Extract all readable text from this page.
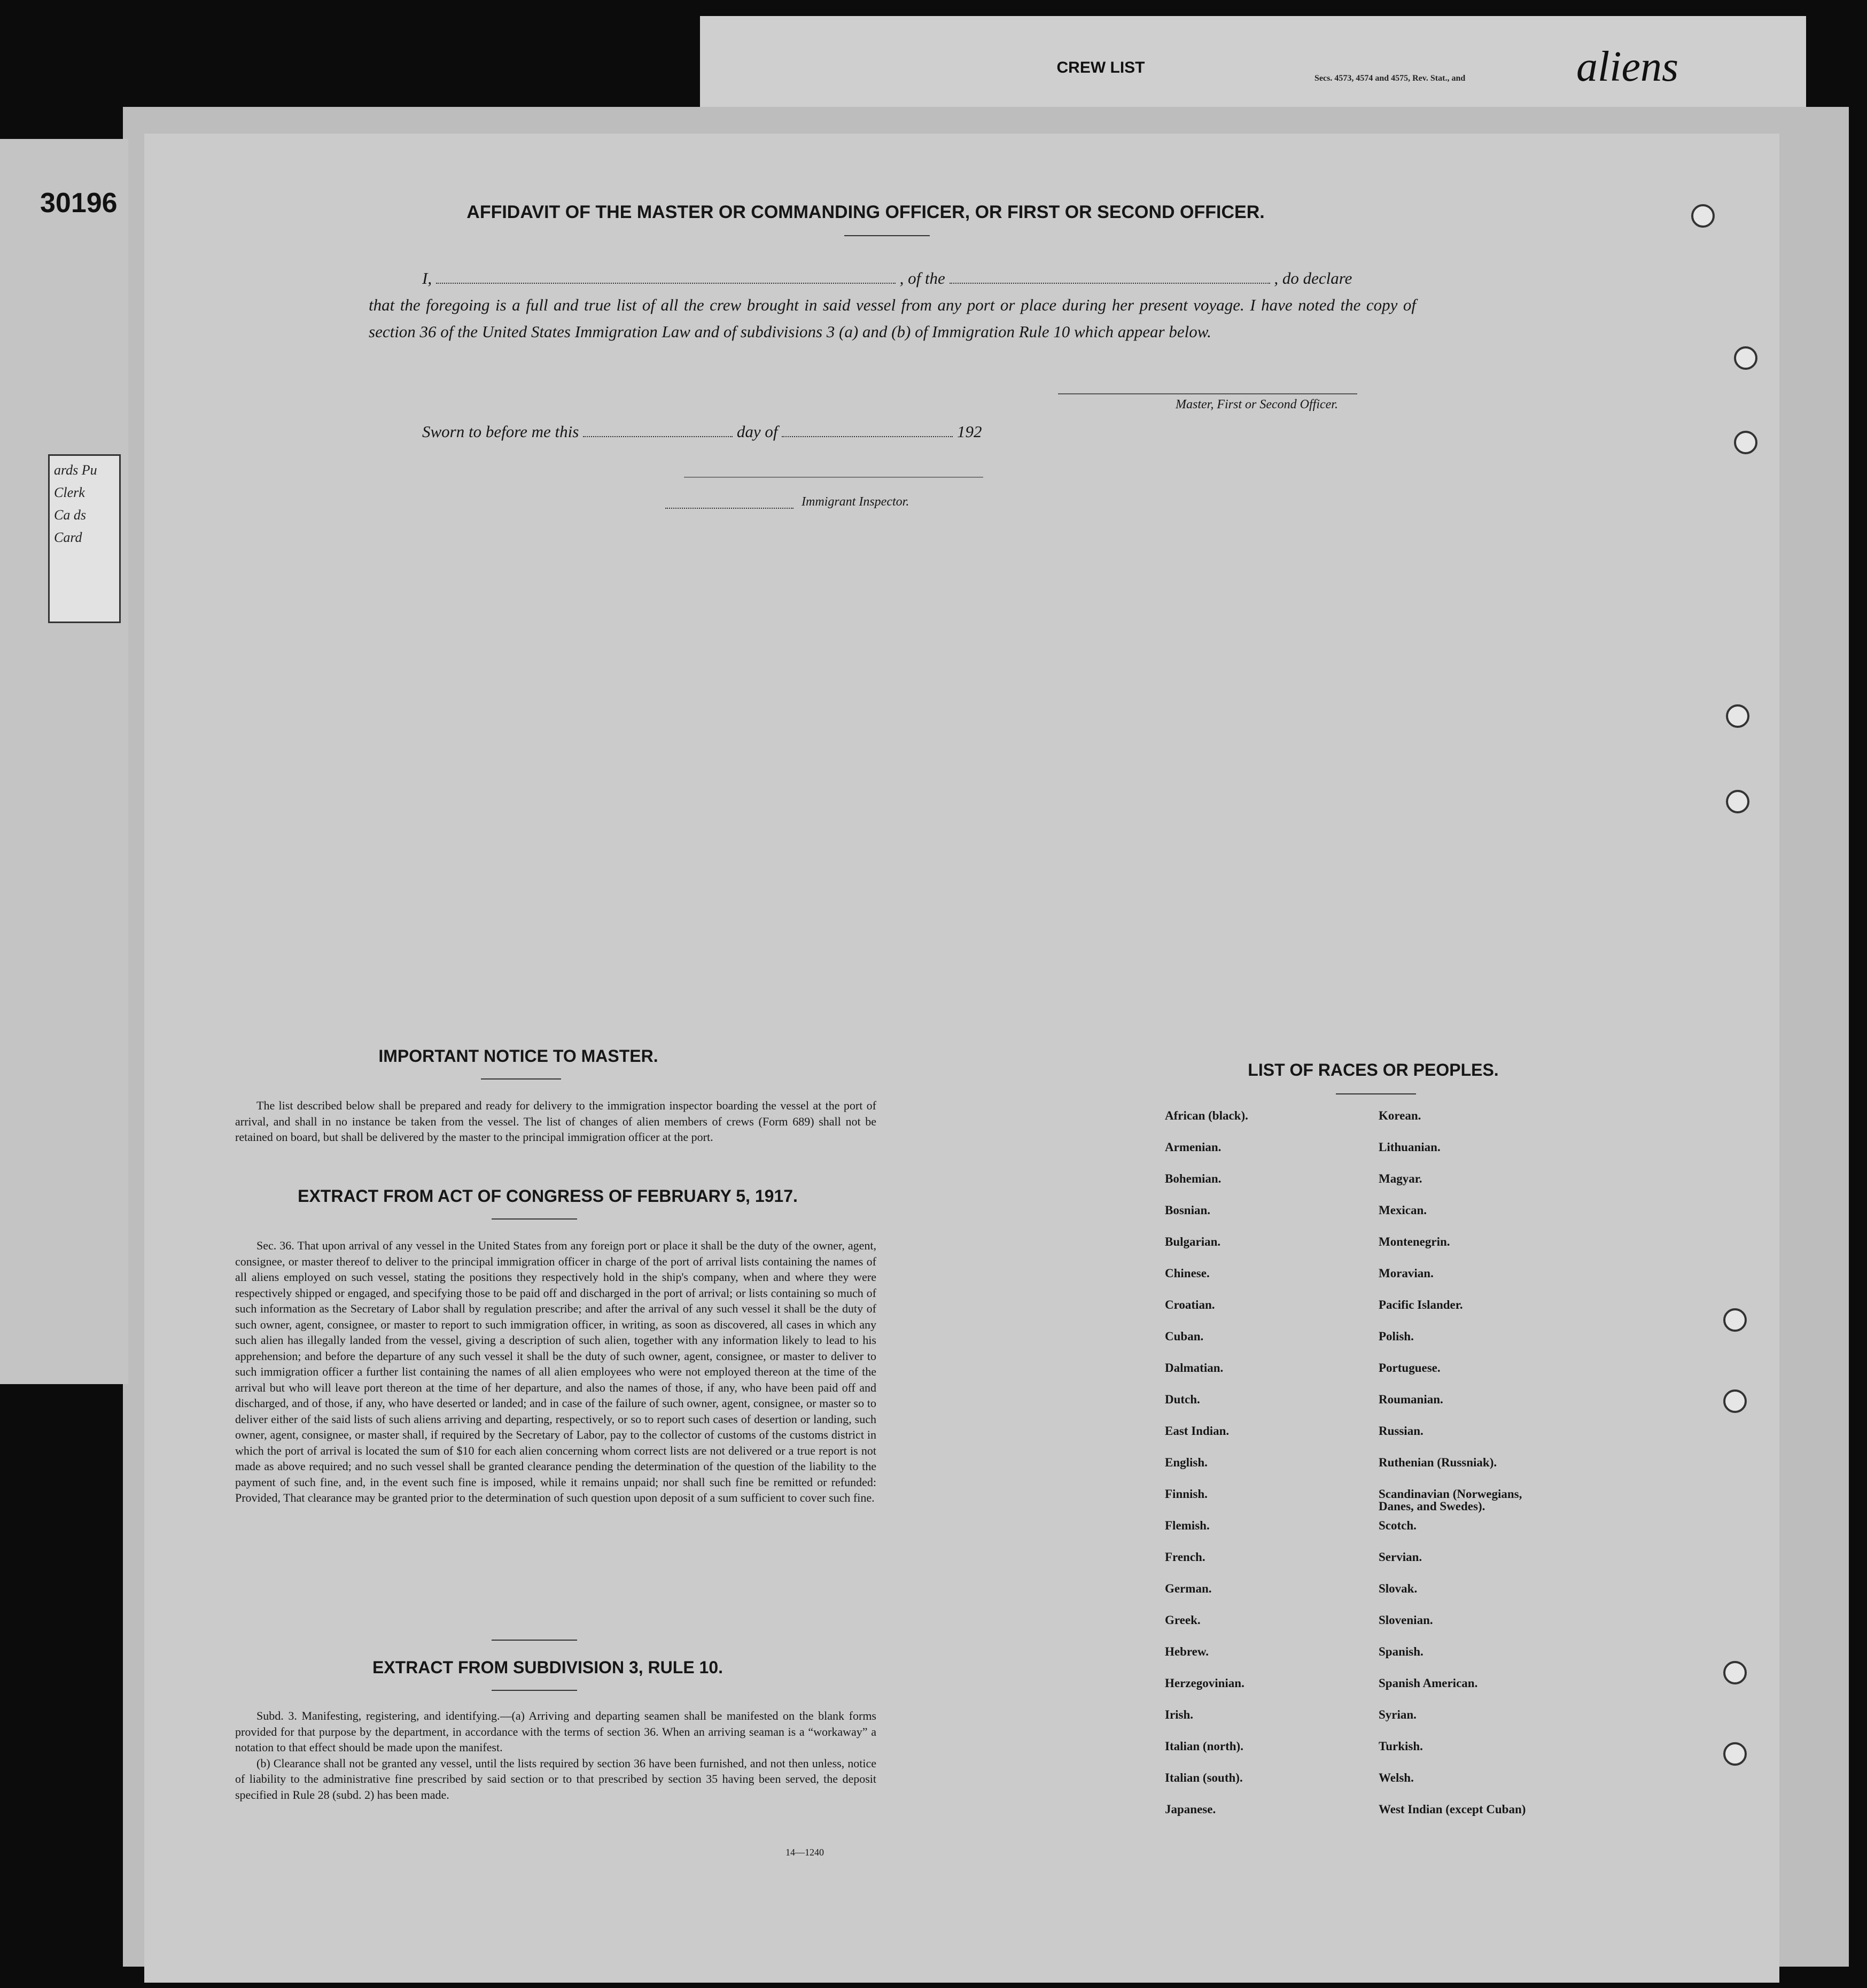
CREW LIST
Secs. 4573, 4574 and 4575, Rev. Stat., and	aliens
30196
ards Pu
Clerk
Ca ds
Card
AFFIDAVIT OF THE MASTER OR COMMANDING OFFICER, OR FIRST OR SECOND OFFICER.
I,	, of the	, do declare
that the foregoing is a full and true list of all the crew brought in said vessel from any port or place during her present voyage. I have noted the copy of section 36 of the United States Immigration Law and of subdivisions 3 (a) and (b) of Immigration Rule 10 which appear below.
Master, First or Second Officer.
Sworn to before me this	day of	192
Immigrant Inspector.
IMPORTANT NOTICE TO MASTER.

The list described below shall be prepared and ready for delivery to the immigration inspector boarding the vessel at the port of arrival, and shall in no instance be taken from the vessel. The list of changes of alien members of crews (Form 689) shall not be retained on board, but shall be delivered by the master to the principal immigration officer at the port.

EXTRACT FROM ACT OF CONGRESS OF FEBRUARY 5, 1917.

Sec. 36. That upon arrival of any vessel in the United States from any foreign port or place it shall be the duty of the owner, agent, consignee, or master thereof to deliver to the principal immigration officer in charge of the port of arrival lists containing the names of all aliens employed on such vessel, stating the positions they respectively hold in the ship's company, when and where they were respectively shipped or engaged, and specifying those to be paid off and discharged in the port of arrival; or lists containing so much of such information as the Secretary of Labor shall by regulation prescribe; and after the arrival of any such vessel it shall be the duty of such owner, agent, consignee, or master to report to such immigration officer, in writing, as soon as discovered, all cases in which any such alien has illegally landed from the vessel, giving a description of such alien, together with any information likely to lead to his apprehension; and before the departure of any such vessel it shall be the duty of such owner, agent, consignee, or master to deliver to such immigration officer a further list containing the names of all alien employees who were not employed thereon at the time of the arrival but who will leave port thereon at the time of her departure, and also the names of those, if any, who have been paid off and discharged, and of those, if any, who have deserted or landed; and in case of the failure of such owner, agent, consignee, or master so to deliver either of the said lists of such aliens arriving and departing, respectively, or so to report such cases of desertion or landing, such owner, agent, consignee, or master shall, if required by the Secretary of Labor, pay to the collector of customs of the customs district in which the port of arrival is located the sum of $10 for each alien concerning whom correct lists are not delivered or a true report is not made as above required; and no such vessel shall be granted clearance pending the determination of the question of the liability to the payment of such fine, and, in the event such fine is imposed, while it remains unpaid; nor shall such fine be remitted or refunded: Provided, That clearance may be granted prior to the determination of such question upon deposit of a sum sufficient to cover such fine.

EXTRACT FROM SUBDIVISION 3, RULE 10.

Subd. 3. Manifesting, registering, and identifying.—(a) Arriving and departing seamen shall be manifested on the blank forms provided for that purpose by the department, in accordance with the terms of section 36. When an arriving seaman is a “workaway” a notation to that effect should be made upon the manifest.

(b) Clearance shall not be granted any vessel, until the lists required by section 36 have been furnished, and not then unless, notice of liability to the administrative fine prescribed by said section or to that prescribed by section 35 having been served, the deposit specified in Rule 28 (subd. 2) has been made.

14—1240
LIST OF RACES OR PEOPLES.
African (black).	Korean.
Armenian.	Lithuanian.
Bohemian.	Magyar.
Bosnian.	Mexican.
Bulgarian.	Montenegrin.
Chinese.	Moravian.
Croatian.	Pacific Islander.
Cuban.	Polish.
Dalmatian.	Portuguese.
Dutch.	Roumanian.
East Indian.	Russian.
English.	Ruthenian (Russniak).
Finnish.	Scandinavian (Norwegians,
Danes, and Swedes).
Flemish.	Scotch.
French.	Servian.
German.	Slovak.
Greek.	Slovenian.
Hebrew.	Spanish.
Herzegovinian.	Spanish American.
Irish.	Syrian.
Italian (north).	Turkish.
Italian (south).	Welsh.
Japanese.	West Indian (except Cuban)
